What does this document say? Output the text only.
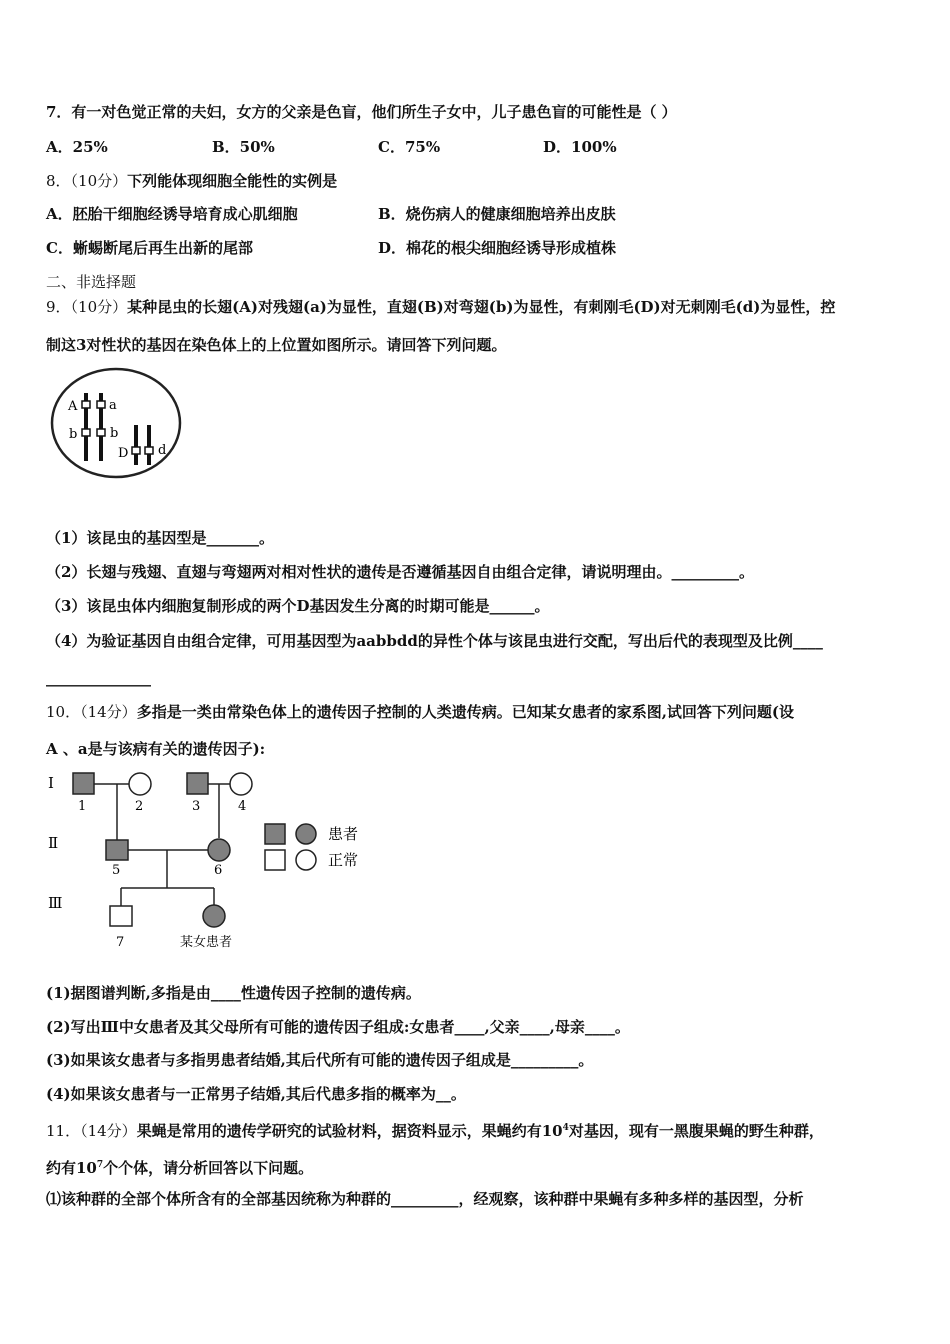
7．有一对色觉正常的夫妇，女方的父亲是色盲，他们所生子女中，儿子患色盲的可能性是（ ）
A．25%	B．50%	C．75%	D．100%
8．（10分）下列能体现细胞全能性的实例是
A．胚胎干细胞经诱导培育成心肌细胞	B．烧伤病人的健康细胞培养出皮肤
C．蜥蜴断尾后再生出新的尾部	D．棉花的根尖细胞经诱导形成植株
二、非选择题
9．（10分）某种昆虫的长翅(A)对残翅(a)为显性，直翅(B)对弯翅(b)为显性，有刺刚毛(D)对无刺刚毛(d)为显性，控
制这3对性状的基因在染色体上的上位置如图所示。请回答下列问题。
A a
b	b
D d
（1）该昆虫的基因型是_______。
（2）长翅与残翅、直翅与弯翅两对相对性状的遗传是否遵循基因自由组合定律，请说明理由。_________。
（3）该昆虫体内细胞复制形成的两个D基因发生分离的时期可能是______。
（4）为验证基因自由组合定律，可用基因型为aabbdd的异性个体与该昆虫进行交配，写出后代的表现型及比例____
______________
10．（14分）多指是一类由常染色体上的遗传因子控制的人类遗传病。已知某女患者的家系图,试回答下列问题(设
A 、a是与该病有关的遗传因子):
Ⅰ
Ⅱ
Ⅲ
1	2	3	4
5	6
7	某女患者
患者
正常
(1)据图谱判断,多指是由____性遗传因子控制的遗传病。
(2)写出Ⅲ中女患者及其父母所有可能的遗传因子组成:女患者____,父亲____,母亲____。
(3)如果该女患者与多指男患者结婚,其后代所有可能的遗传因子组成是_________。
(4)如果该女患者与一正常男子结婚,其后代患多指的概率为__。
11．（14分）果蝇是常用的遗传学研究的试验材料，据资料显示，果蝇约有$10^4$对基因，现有一黑腹果蝇的野生种群，
约有$10^7$个个体，请分析回答以下问题。
⑴该种群的全部个体所含有的全部基因统称为种群的_________，经观察，该种群中果蝇有多种多样的基因型，分析
